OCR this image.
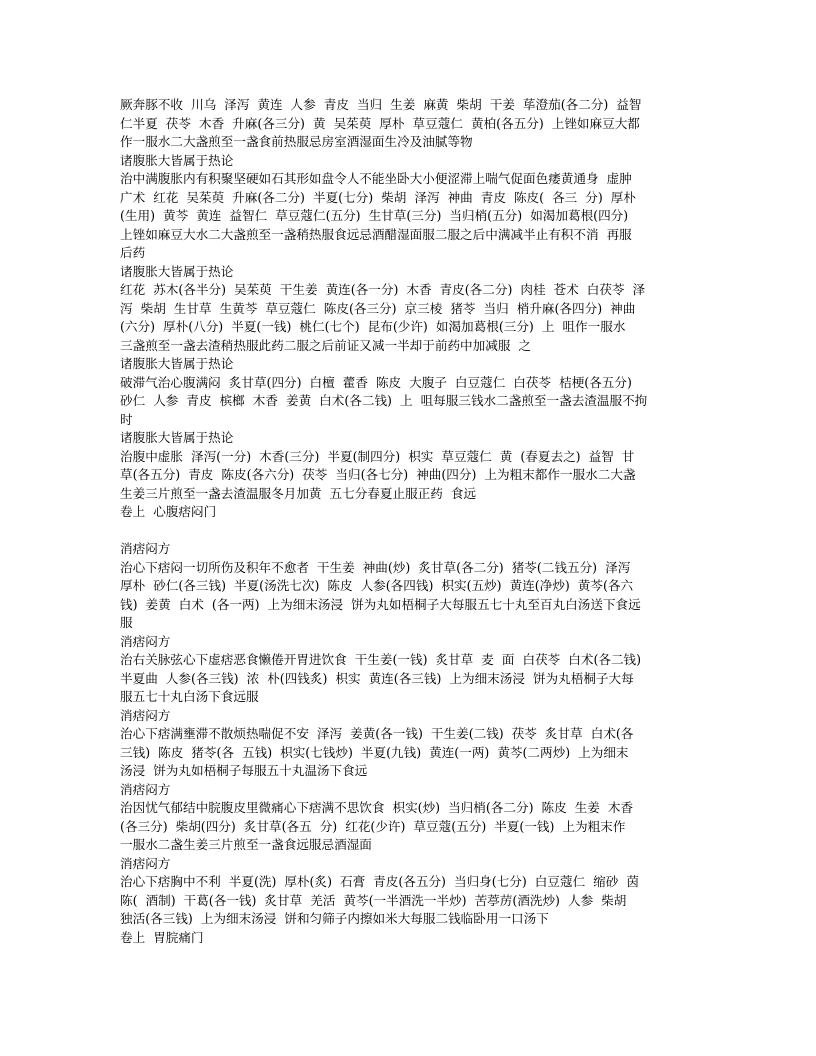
厥奔豚不收  川乌  泽泻  黄连  人参  青皮  当归  生姜  麻黄  柴胡  干姜  荜澄茄(各二分)  益智
仁半夏  茯苓  木香  升麻(各三分)  黄  吴茱萸  厚朴  草豆蔻仁  黄柏(各五分)  上锉如麻豆大都
作一服水二大盏煎至一盏食前热服忌房室酒湿面生冷及油腻等物
诸腹胀大皆属于热论
治中满腹胀内有积聚坚硬如石其形如盘令人不能坐卧大小便涩滞上喘气促面色痿黄通身  虚肿
广术  红花  吴茱萸  升麻(各二分)  半夏(七分)  柴胡  泽泻  神曲  青皮  陈皮(  各三  分)  厚朴
(生用)  黄芩  黄连  益智仁  草豆蔻仁(五分)  生甘草(三分)  当归梢(五分)  如渴加葛根(四分)
上锉如麻豆大水二大盏煎至一盏稍热服食远忌酒醋湿面服二服之后中满减半止有积不消  再服
后药
诸腹胀大皆属于热论
红花  苏木(各半分)  吴茱萸  干生姜  黄连(各一分)  木香  青皮(各二分)  肉桂  苍术  白茯苓  泽
泻  柴胡  生甘草  生黄芩  草豆蔻仁  陈皮(各三分)  京三棱  猪苓  当归  梢升麻(各四分)  神曲
(六分)  厚朴(八分)  半夏(一钱)  桃仁(七个)  昆布(少许)  如渴加葛根(三分)  上  咀作一服水
三盏煎至一盏去渣稍热服此药二服之后前证又减一半却于前药中加减服  之
诸腹胀大皆属于热论
破滞气治心腹满闷  炙甘草(四分)  白檀  藿香  陈皮  大腹子  白豆蔻仁  白茯苓  桔梗(各五分)
砂仁  人参  青皮  槟榔  木香  姜黄  白术(各二钱)  上  咀每服三钱水二盏煎至一盏去渣温服不拘
时
诸腹胀大皆属于热论
治腹中虚胀  泽泻(一分)  木香(三分)  半夏(制四分)  枳实  草豆蔻仁  黄  (春夏去之)  益智  甘
草(各五分)  青皮  陈皮(各六分)  茯苓  当归(各七分)  神曲(四分)  上为粗末都作一服水二大盏
生姜三片煎至一盏去渣温服冬月加黄  五七分春夏止服正药  食远
卷上  心腹痞闷门
消痞闷方
治心下痞闷一切所伤及积年不愈者  干生姜  神曲(炒)  炙甘草(各二分)  猪苓(二钱五分)  泽泻
厚朴  砂仁(各三钱)  半夏(汤洗七次)  陈皮  人参(各四钱)  枳实(五炒)  黄连(净炒)  黄芩(各六
钱)  姜黄  白术  (各一两)  上为细末汤浸  饼为丸如梧桐子大每服五七十丸至百丸白汤送下食远
服
消痞闷方
治右关脉弦心下虚痞恶食懒倦开胃进饮食  干生姜(一钱)  炙甘草  麦  面  白茯苓  白术(各二钱)
半夏曲  人参(各三钱)  浓  朴(四钱炙)  枳实  黄连(各三钱)  上为细末汤浸  饼为丸梧桐子大每
服五七十丸白汤下食远服
消痞闷方
治心下痞满壅滞不散烦热喘促不安  泽泻  姜黄(各一钱)  干生姜(二钱)  茯苓  炙甘草  白术(各
三钱)  陈皮  猪苓(各  五钱)  枳实(七钱炒)  半夏(九钱)  黄连(一两)  黄芩(二两炒)  上为细末
汤浸  饼为丸如梧桐子每服五十丸温汤下食远
消痞闷方
治因忧气郁结中脘腹皮里微痛心下痞满不思饮食  枳实(炒)  当归梢(各二分)  陈皮  生姜  木香
(各三分)  柴胡(四分)  炙甘草(各五  分)  红花(少许)  草豆蔻(五分)  半夏(一钱)  上为粗末作
一服水二盏生姜三片煎至一盏食远服忌酒湿面
消痞闷方
治心下痞胸中不利  半夏(洗)  厚朴(炙)  石膏  青皮(各五分)  当归身(七分)  白豆蔻仁  缩砂  茵
陈(  酒制)  干葛(各一钱)  炙甘草  羌活  黄芩(一半酒洗一半炒)  苦葶苈(酒洗炒)  人参  柴胡
独活(各三钱)  上为细末汤浸  饼和匀筛子内擦如米大每服二钱临卧用一口汤下
卷上  胃脘痛门
